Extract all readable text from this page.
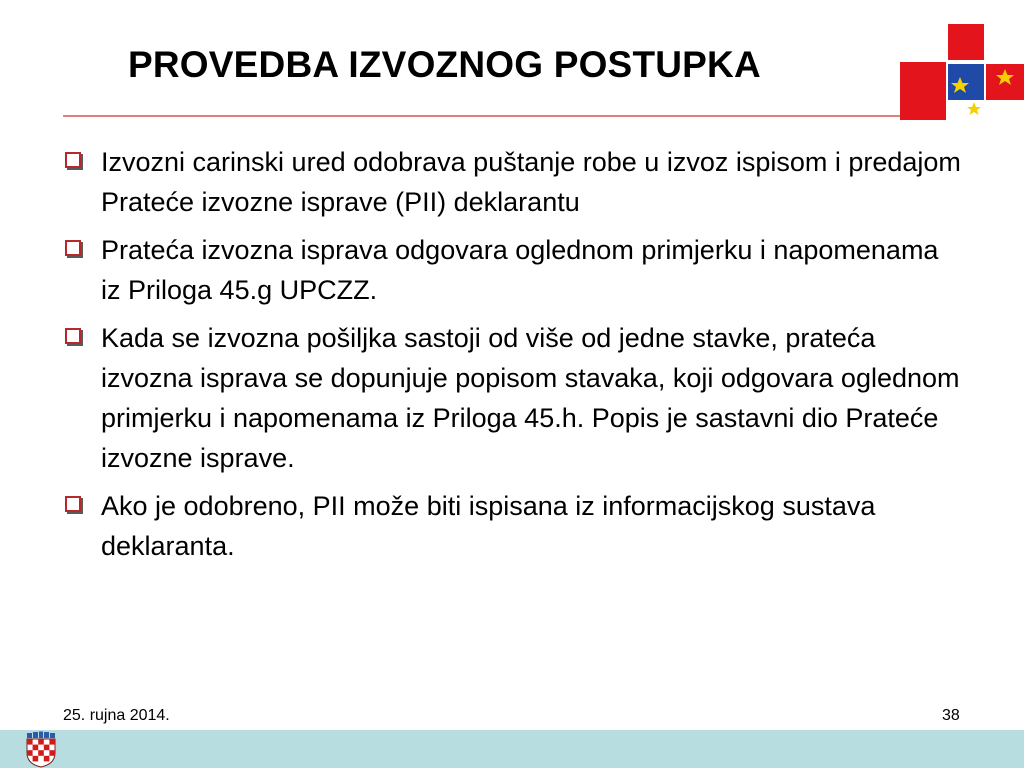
PROVEDBA IZVOZNOG POSTUPKA
Izvozni carinski ured odobrava puštanje robe u izvoz ispisom i predajom Prateće izvozne isprave (PII) deklarantu
Prateća izvozna isprava odgovara oglednom primjerku i napomenama iz Priloga 45.g UPCZZ.
Kada se izvozna pošiljka sastoji od više od jedne stavke, prateća izvozna isprava se dopunjuje popisom stavaka, koji odgovara oglednom primjerku i napomenama iz Priloga 45.h. Popis je sastavni dio Prateće izvozne isprave.
Ako je odobreno, PII može biti ispisana iz informacijskog sustava deklaranta.
25. rujna 2014.	38
